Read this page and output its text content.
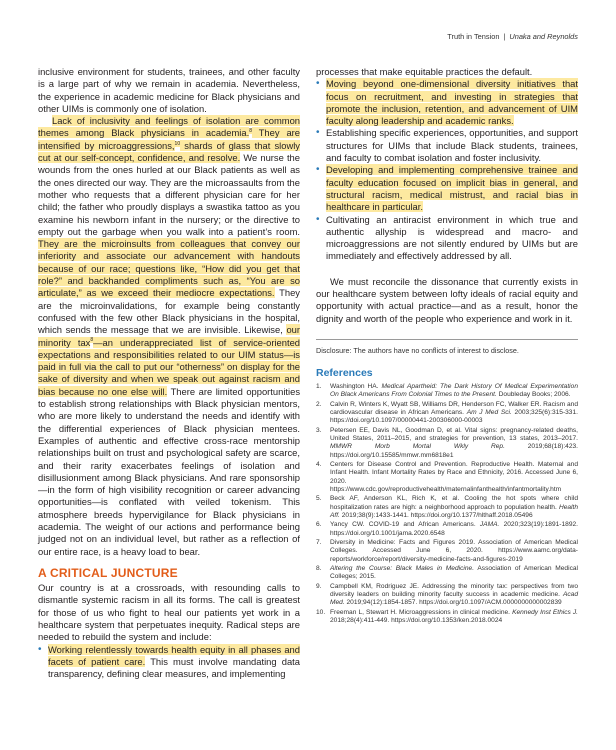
Truth in Tension | Unaka and Reynolds

inclusive environment for students, trainees, and other faculty is a large part of why we remain in academia. Nevertheless, the experience in academic medicine for Black physicians and other UIMs is commonly one of isolation.

Lack of inclusivity and feelings of isolation are common themes among Black physicians in academia.$^8$ They are intensified by microaggressions,$^{10}$ shards of glass that slowly cut at our self-concept, confidence, and resolve. We nurse the wounds from the ones hurled at our Black patients as well as the ones directed our way. They are the microassaults from the mother who requests that a different physician care for her child; the father who proudly displays a swastika tattoo as you examine his newborn infant in the nursery; or the directive to empty out the garbage when you walk into a patient’s room. They are the microinsults from colleagues that convey our inferiority and associate our advancement with handouts because of our race; questions like, “How did you get that role?” and backhanded compliments such as, “You are so articulate,” as we exceed their mediocre expectations. They are the microinvalidations, for example being constantly confused with the few other Black physicians in the hospital, which sends the message that we are invisible. Likewise, our minority tax$^8$—an underappreciated list of service-oriented expectations and responsibilities related to our UIM status—is paid in full via the call to put our “otherness” on display for the sake of diversity and when we speak out against racism and bias because no one else will. There are limited opportunities to establish strong relationships with Black physician mentors, who are more likely to understand the needs and identify with the differential experiences of Black physician mentees. Examples of authentic and effective cross-race mentorship relationships built on trust and psychological safety are scarce, and their rarity exacerbates feelings of isolation and disillusionment among Black physicians. And rare sponsorship—in the form of high visibility recognition or career advancing opportunities—is conflated with veiled tokenism. This atmosphere breeds hypervigilance for Black physicians in academia. The weight of our actions and performance being judged not on an individual level, but rather as a reflection of our entire race, is a heavy load to bear.

A CRITICAL JUNCTURE

Our country is at a crossroads, with resounding calls to dismantle systemic racism in all its forms. The call is greatest for those of us who fight to heal our patients yet work in a healthcare system that perpetuates inequity. Radical steps are needed to rebuild the system and include:

• Working relentlessly towards health equity in all phases and facets of patient care. This must involve mandating data transparency, defining clear measures, and implementing

processes that make equitable practices the default.

• Moving beyond one-dimensional diversity initiatives that focus on recruitment, and investing in strategies that promote the inclusion, retention, and advancement of UIM faculty along leadership and academic ranks.
• Establishing specific experiences, opportunities, and support structures for UIMs that include Black students, trainees, and faculty to combat isolation and foster inclusivity.
• Developing and implementing comprehensive trainee and faculty education focused on implicit bias in general, and structural racism, medical mistrust, and racial bias in healthcare in particular.
• Cultivating an antiracist environment in which true and authentic allyship is widespread and macro- and microaggressions are not silently endured by UIMs but are immediately and effectively addressed by all.

We must reconcile the dissonance that currently exists in our healthcare system between lofty ideals of racial equity and opportunity with actual practice—and as a result, honor the dignity and worth of the people who experience and work in it.

Disclosure: The authors have no conflicts of interest to disclose.

References
1. Washington HA. Medical Apartheid: The Dark History Of Medical Experimentation On Black Americans From Colonial Times to the Present. Doubleday Books; 2006.
2. Calvin R, Winters K, Wyatt SB, Williams DR, Henderson FC, Walker ER. Racism and cardiovascular disease in African Americans. Am J Med Sci. 2003;325(6):315-331. https://doi.org/10.1097/00000441-200306000-00003
3. Petersen EE, Davis NL, Goodman D, et al. Vital signs: pregnancy-related deaths, United States, 2011–2015, and strategies for prevention, 13 states, 2013–2017. MMWR Morb Mortal Wkly Rep. 2019;68(18):423. https://doi.org/10.15585/mmwr.mm6818e1
4. Centers for Disease Control and Prevention. Reproductive Health. Maternal and Infant Health. Infant Mortality Rates by Race and Ethnicity, 2016. Accessed June 6, 2020. https://www.cdc.gov/reproductivehealth/maternalinfanthealth/infantmortality.htm
5. Beck AF, Anderson KL, Rich K, et al. Cooling the hot spots where child hospitalization rates are high: a neighborhood approach to population health. Health Aff. 2019;38(9):1433-1441. https://doi.org/10.1377/hlthaff.2018.05496
6. Yancy CW. COVID-19 and African Americans. JAMA. 2020;323(19):1891-1892. https://doi.org/10.1001/jama.2020.6548
7. Diversity in Medicine: Facts and Figures 2019. Association of American Medical Colleges. Accessed June 6, 2020. https://www.aamc.org/data-reports/workforce/report/diversity-medicine-facts-and-figures-2019
8. Altering the Course: Black Males in Medicine. Association of American Medical Colleges; 2015.
9. Campbell KM, Rodriguez JE. Addressing the minority tax: perspectives from two diversity leaders on building minority faculty success in academic medicine. Acad Med. 2019;94(12):1854-1857. https://doi.org/10.1097/ACM.0000000000002839
10. Freeman L, Stewart H. Microaggressions in clinical medicine. Kennedy Inst Ethics J. 2018;28(4):411-449. https://doi.org/10.1353/ken.2018.0024
